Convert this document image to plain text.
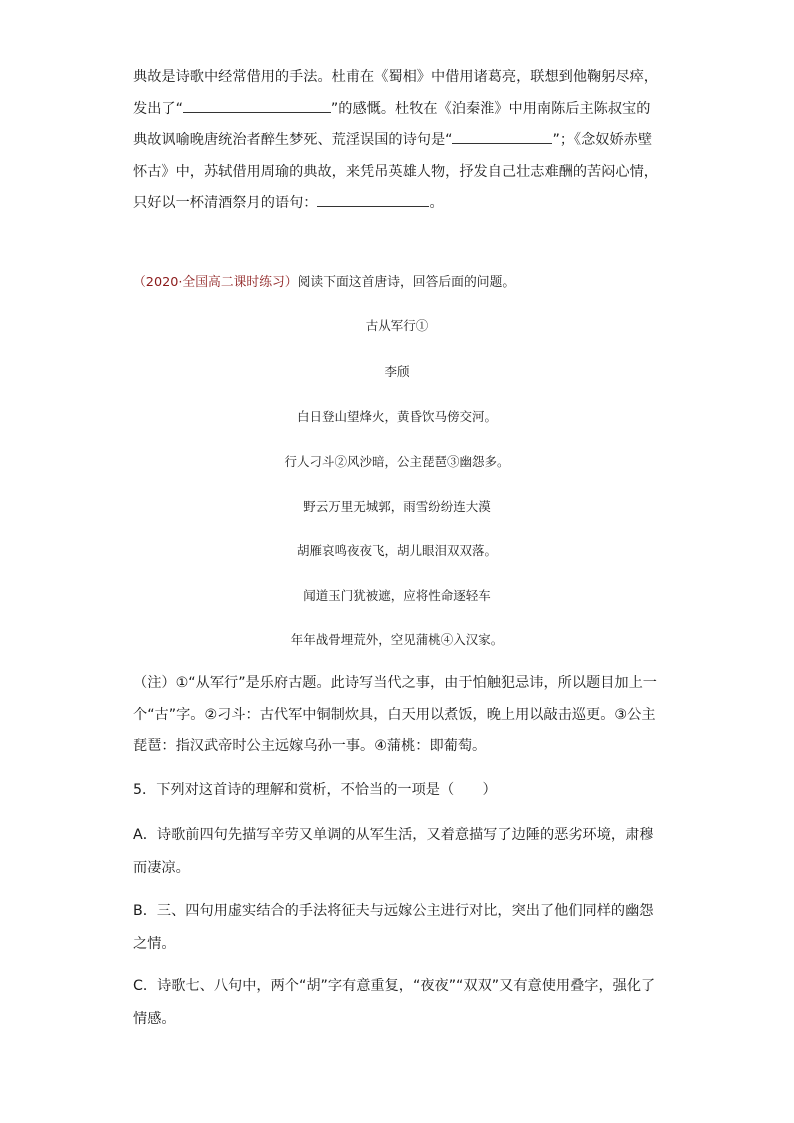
典故是诗歌中经常借用的手法。杜甫在《蜀相》中借用诸葛亮，联想到他鞠躬尽瘁，发出了“	”的感慨。杜牧在《泊秦淮》中用南陈后主陈叔宝的典故讽喻晚唐统治者醉生梦死、荒淫误国的诗句是“	”；《念奴娇赤壁怀古》中，苏轼借用周瑜的典故，来凭吊英雄人物，抒发自己壮志难酬的苦闷心情，只好以一杯清酒祭月的语句：	。

（2020·全国高二课时练习）阅读下面这首唐诗，回答后面的问题。

古从军行①

李颀

白日登山望烽火，黄昏饮马傍交河。

行人刁斗②风沙暗，公主琵琶③幽怨多。

野云万里无城郭，雨雪纷纷连大漠

胡雁哀鸣夜夜飞，胡儿眼泪双双落。

闻道玉门犹被遮，应将性命逐轻车

年年战骨埋荒外，空见蒲桃④入汉家。

（注）①“从军行”是乐府古题。此诗写当代之事，由于怕触犯忌讳，所以题目加上一个“古”字。②刁斗：古代军中铜制炊具，白天用以煮饭，晚上用以敲击巡更。③公主琵琶：指汉武帝时公主远嫁乌孙一事。④蒲桃：即葡萄。

5．下列对这首诗的理解和赏析，不恰当的一项是（　　）

A．诗歌前四句先描写辛劳又单调的从军生活，又着意描写了边陲的恶劣环境，肃穆而凄凉。

B．三、四句用虚实结合的手法将征夫与远嫁公主进行对比，突出了他们同样的幽怨之情。

C．诗歌七、八句中，两个“胡”字有意重复，“夜夜”“双双”又有意使用叠字，强化了情感。
